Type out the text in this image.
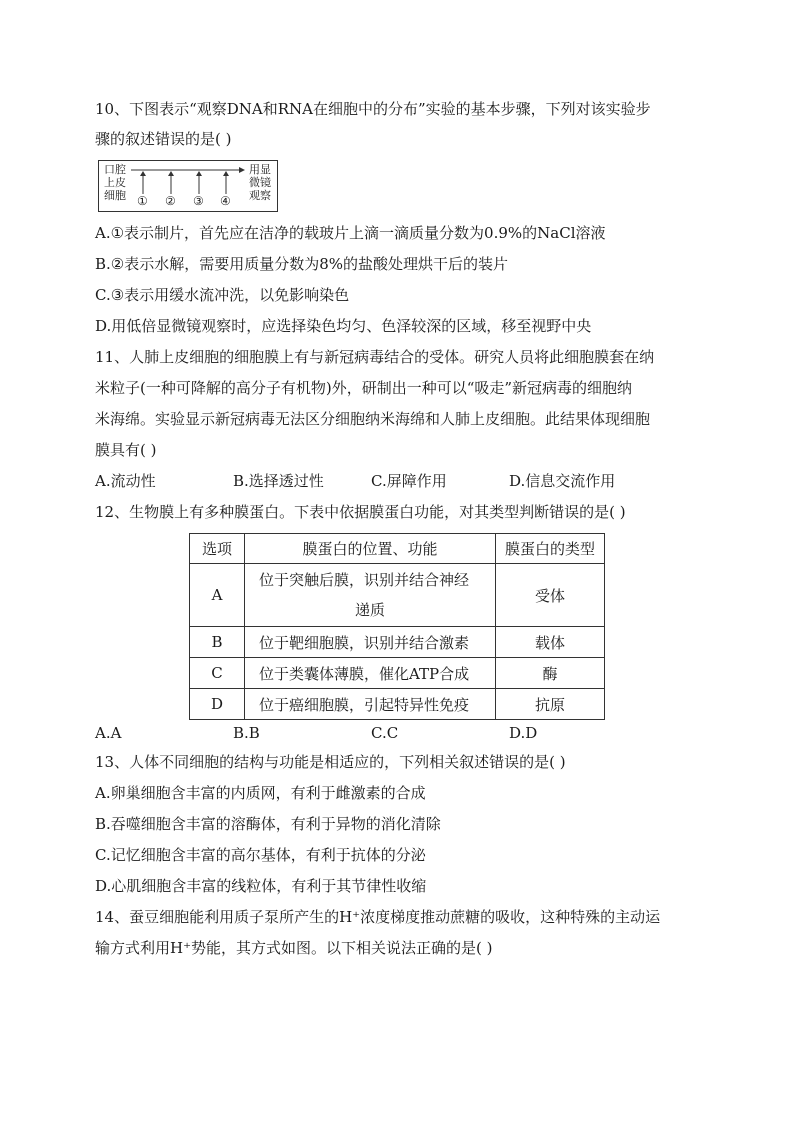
10、下图表示“观察DNA和RNA在细胞中的分布”实验的基本步骤，下列对该实验步
骤的叙述错误的是( )
口腔
上皮
细胞
用显
微镜
观察
① ② ③ ④
A.①表示制片，首先应在洁净的载玻片上滴一滴质量分数为0.9%的NaCl溶液
B.②表示水解，需要用质量分数为8%的盐酸处理烘干后的装片
C.③表示用缓水流冲洗，以免影响染色
D.用低倍显微镜观察时，应选择染色均匀、色泽较深的区域，移至视野中央
11、人肺上皮细胞的细胞膜上有与新冠病毒结合的受体。研究人员将此细胞膜套在纳
米粒子(一种可降解的高分子有机物)外，研制出一种可以“吸走”新冠病毒的细胞纳
米海绵。实验显示新冠病毒无法区分细胞纳米海绵和人肺上皮细胞。此结果体现细胞
膜具有( )
A.流动性	B.选择透过性	C.屏障作用	D.信息交流作用
12、生物膜上有多种膜蛋白。下表中依据膜蛋白功能，对其类型判断错误的是( )
选项	膜蛋白的位置、功能	膜蛋白的类型
A	位于突触后膜，识别并结合神经
递质	受体
B	位于靶细胞膜，识别并结合激素	载体
C	位于类囊体薄膜，催化ATP合成	酶
D	位于癌细胞膜，引起特异性免疫	抗原
A.A	B.B	C.C	D.D
13、人体不同细胞的结构与功能是相适应的，下列相关叙述错误的是( )
A.卵巢细胞含丰富的内质网，有利于雌激素的合成
B.吞噬细胞含丰富的溶酶体，有利于异物的消化清除
C.记忆细胞含丰富的高尔基体，有利于抗体的分泌
D.心肌细胞含丰富的线粒体，有利于其节律性收缩
14、蚕豆细胞能利用质子泵所产生的H⁺浓度梯度推动蔗糖的吸收，这种特殊的主动运
输方式利用H⁺势能，其方式如图。以下相关说法正确的是( )
